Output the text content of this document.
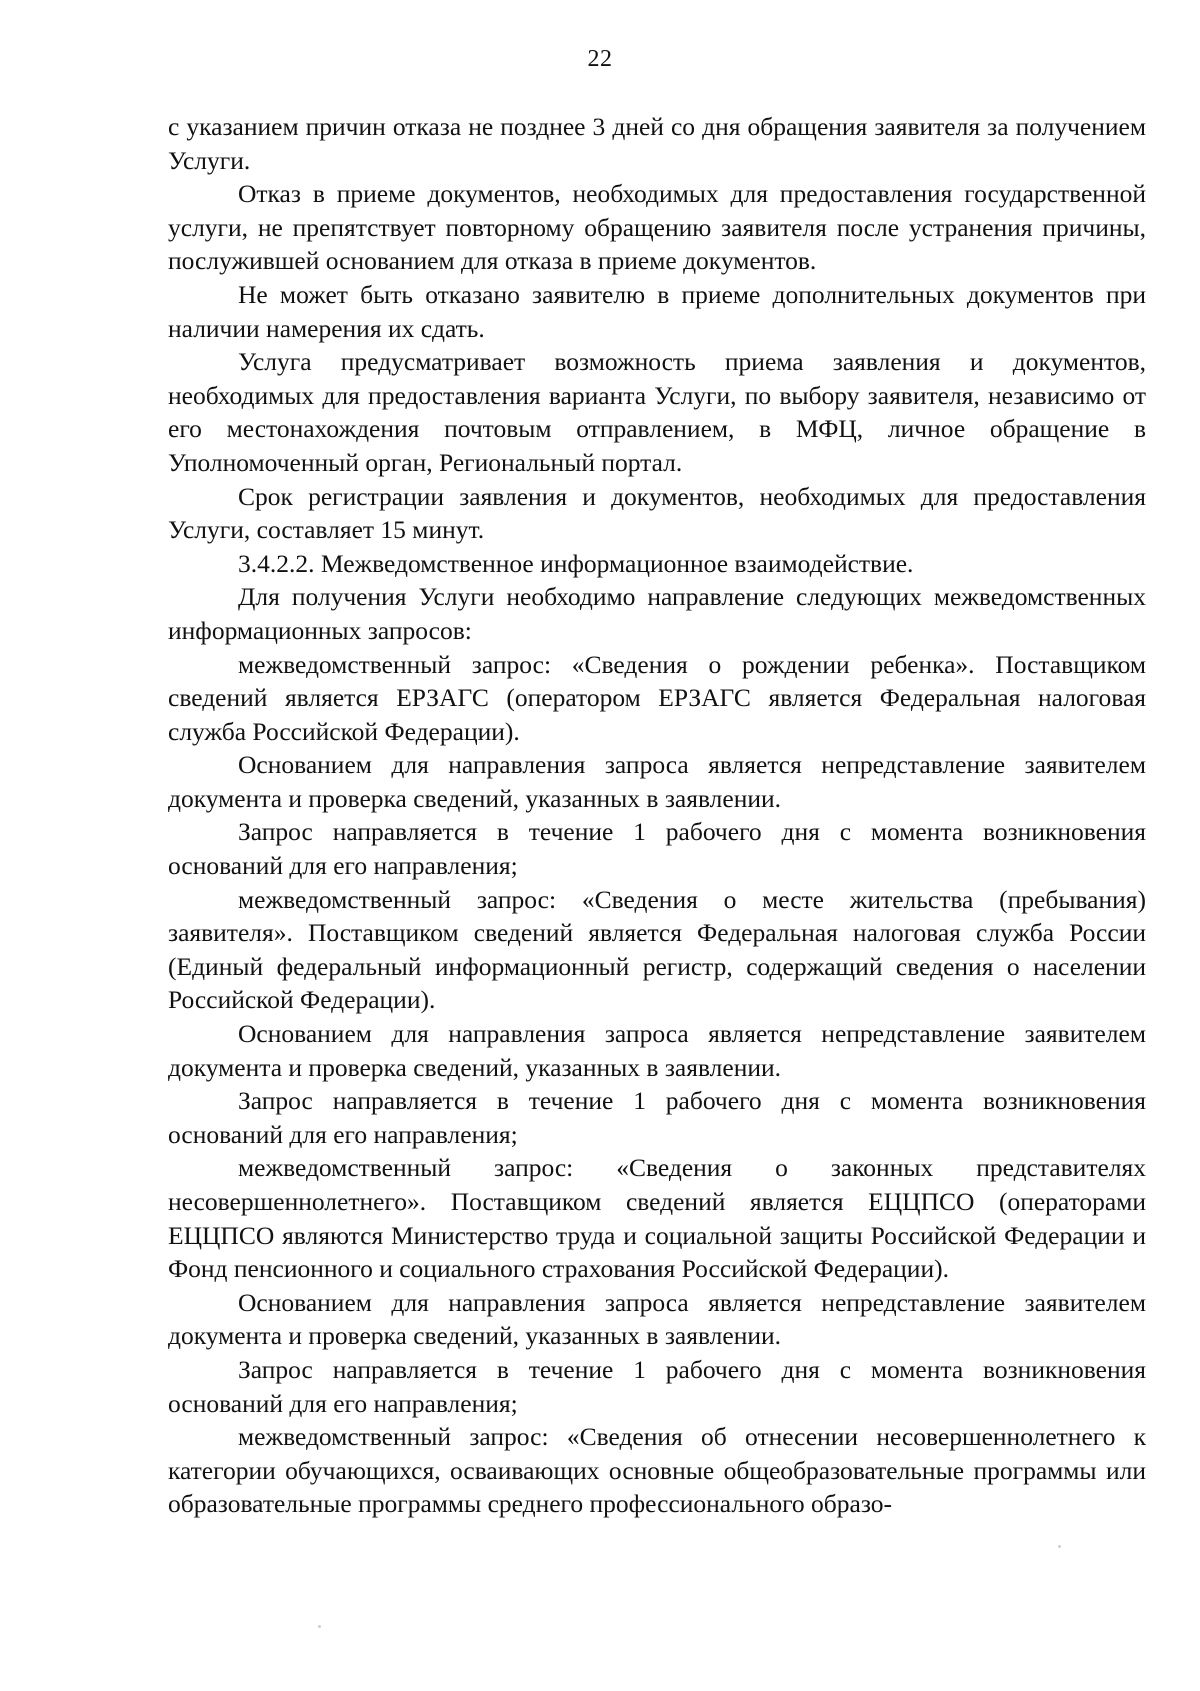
22

с указанием причин отказа не позднее 3 дней со дня обращения заявителя за получением Услуги.

Отказ в приеме документов, необходимых для предоставления государственной услуги, не препятствует повторному обращению заявителя после устранения причины, послужившей основанием для отказа в приеме документов.

Не может быть отказано заявителю в приеме дополнительных документов при наличии намерения их сдать.

Услуга предусматривает возможность приема заявления и документов, необходимых для предоставления варианта Услуги, по выбору заявителя, независимо от его местонахождения почтовым отправлением, в МФЦ, личное обращение в Уполномоченный орган, Региональный портал.

Срок регистрации заявления и документов, необходимых для предоставления Услуги, составляет 15 минут.

3.4.2.2. Межведомственное информационное взаимодействие.

Для получения Услуги необходимо направление следующих межведомственных информационных запросов:

межведомственный запрос: «Сведения о рождении ребенка». Поставщиком сведений является ЕРЗАГС (оператором ЕРЗАГС является Федеральная налоговая служба Российской Федерации).

Основанием для направления запроса является непредставление заявителем документа и проверка сведений, указанных в заявлении.

Запрос направляется в течение 1 рабочего дня с момента возникновения оснований для его направления;

межведомственный запрос: «Сведения о месте жительства (пребывания) заявителя». Поставщиком сведений является Федеральная налоговая служба России (Единый федеральный информационный регистр, содержащий сведения о населении Российской Федерации).

Основанием для направления запроса является непредставление заявителем документа и проверка сведений, указанных в заявлении.

Запрос направляется в течение 1 рабочего дня с момента возникновения оснований для его направления;

межведомственный запрос: «Сведения о законных представителях несовершеннолетнего». Поставщиком сведений является ЕЦЦПСО (операторами ЕЦЦПСО являются Министерство труда и социальной защиты Российской Федерации и Фонд пенсионного и социального страхования Российской Федерации).

Основанием для направления запроса является непредставление заявителем документа и проверка сведений, указанных в заявлении.

Запрос направляется в течение 1 рабочего дня с момента возникновения оснований для его направления;

межведомственный запрос: «Сведения об отнесении несовершеннолетнего к категории обучающихся, осваивающих основные общеобразовательные программы или образовательные программы среднего профессионального образо-
